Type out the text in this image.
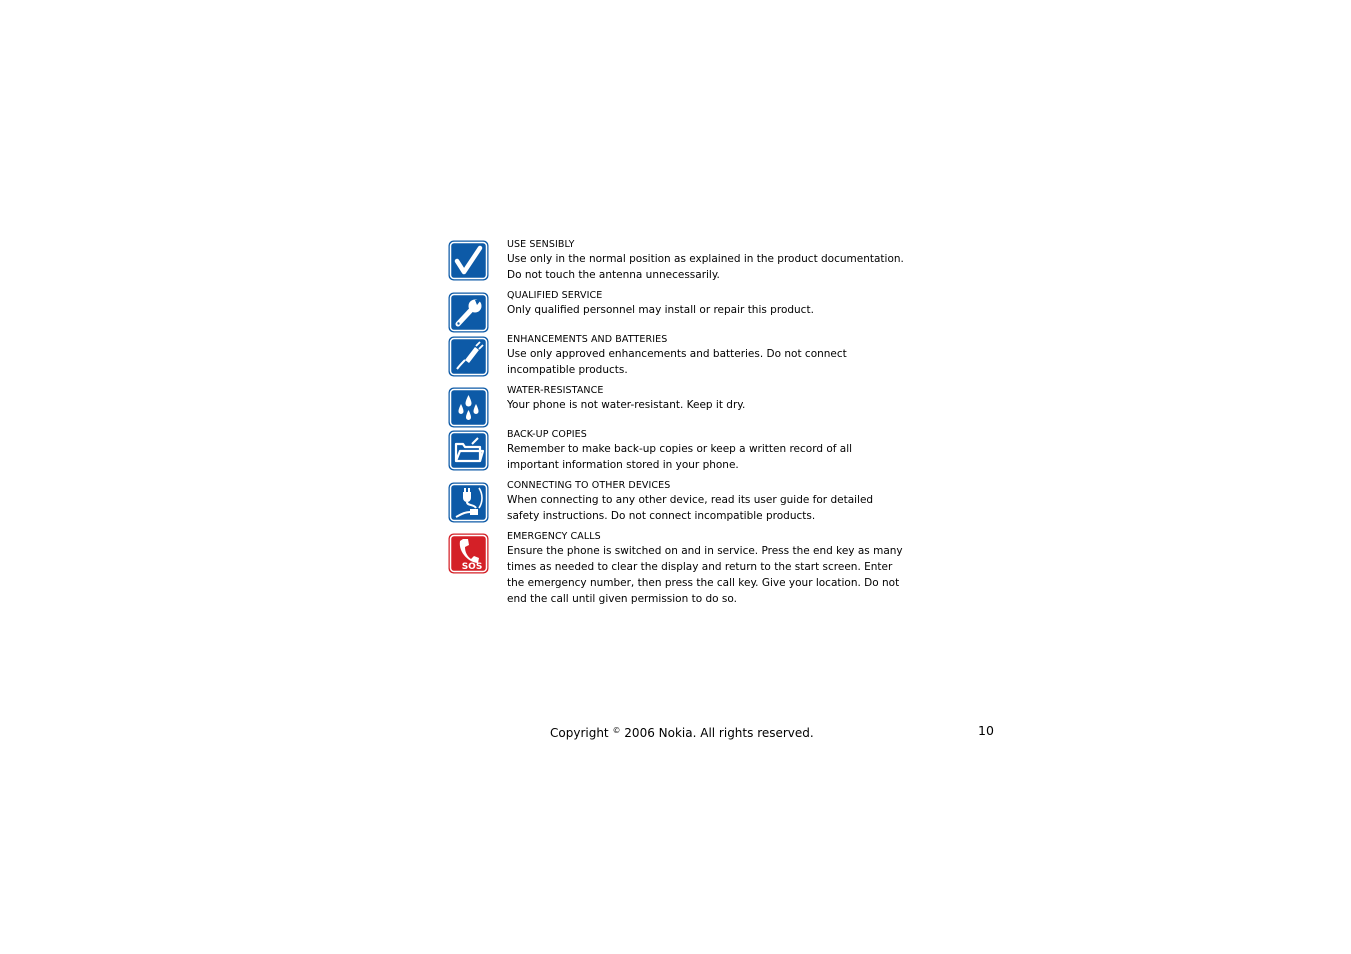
USE SENSIBLY

Use only in the normal position as explained in the product documentation. Do not touch the antenna unnecessarily.

QUALIFIED SERVICE

Only qualified personnel may install or repair this product.

ENHANCEMENTS AND BATTERIES

Use only approved enhancements and batteries. Do not connect incompatible products.

WATER-RESISTANCE

Your phone is not water-resistant. Keep it dry.

BACK-UP COPIES

Remember to make back-up copies or keep a written record of all important information stored in your phone.

CONNECTING TO OTHER DEVICES

When connecting to any other device, read its user guide for detailed safety instructions. Do not connect incompatible products.

SOS

EMERGENCY CALLS

Ensure the phone is switched on and in service. Press the end key as many times as needed to clear the display and return to the start screen. Enter the emergency number, then press the call key. Give your location. Do not end the call until given permission to do so.

Copyright © 2006 Nokia. All rights reserved.	10
